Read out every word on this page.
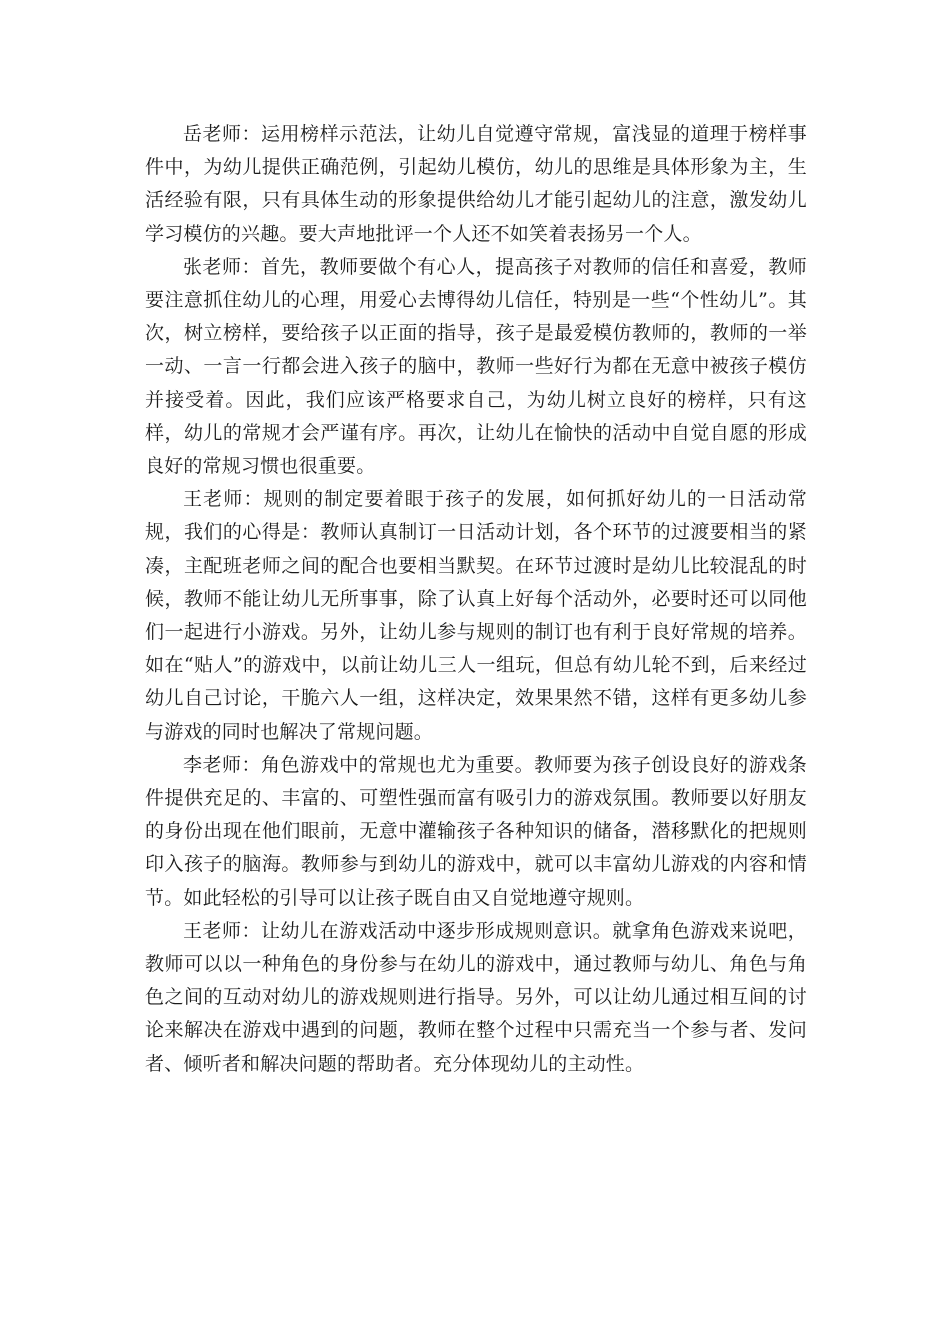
岳老师：运用榜样示范法，让幼儿自觉遵守常规，富浅显的道理于榜样事件中，为幼儿提供正确范例，引起幼儿模仿，幼儿的思维是具体形象为主，生活经验有限，只有具体生动的形象提供给幼儿才能引起幼儿的注意，激发幼儿学习模仿的兴趣。要大声地批评一个人还不如笑着表扬另一个人。

张老师：首先，教师要做个有心人，提高孩子对教师的信任和喜爱，教师要注意抓住幼儿的心理，用爱心去博得幼儿信任，特别是一些“个性幼儿”。其次，树立榜样，要给孩子以正面的指导，孩子是最爱模仿教师的，教师的一举一动、一言一行都会进入孩子的脑中，教师一些好行为都在无意中被孩子模仿并接受着。因此，我们应该严格要求自己，为幼儿树立良好的榜样，只有这样，幼儿的常规才会严谨有序。再次，让幼儿在愉快的活动中自觉自愿的形成良好的常规习惯也很重要。

王老师：规则的制定要着眼于孩子的发展，如何抓好幼儿的一日活动常规，我们的心得是：教师认真制订一日活动计划，各个环节的过渡要相当的紧凑，主配班老师之间的配合也要相当默契。在环节过渡时是幼儿比较混乱的时候，教师不能让幼儿无所事事，除了认真上好每个活动外，必要时还可以同他们一起进行小游戏。另外，让幼儿参与规则的制订也有利于良好常规的培养。如在“贴人”的游戏中，以前让幼儿三人一组玩，但总有幼儿轮不到，后来经过幼儿自己讨论，干脆六人一组，这样决定，效果果然不错，这样有更多幼儿参与游戏的同时也解决了常规问题。

李老师：角色游戏中的常规也尤为重要。教师要为孩子创设良好的游戏条件提供充足的、丰富的、可塑性强而富有吸引力的游戏氛围。教师要以好朋友的身份出现在他们眼前，无意中灌输孩子各种知识的储备，潜移默化的把规则印入孩子的脑海。教师参与到幼儿的游戏中，就可以丰富幼儿游戏的内容和情节。如此轻松的引导可以让孩子既自由又自觉地遵守规则。

王老师：让幼儿在游戏活动中逐步形成规则意识。就拿角色游戏来说吧，教师可以以一种角色的身份参与在幼儿的游戏中，通过教师与幼儿、角色与角色之间的互动对幼儿的游戏规则进行指导。另外，可以让幼儿通过相互间的讨论来解决在游戏中遇到的问题，教师在整个过程中只需充当一个参与者、发问者、倾听者和解决问题的帮助者。充分体现幼儿的主动性。
